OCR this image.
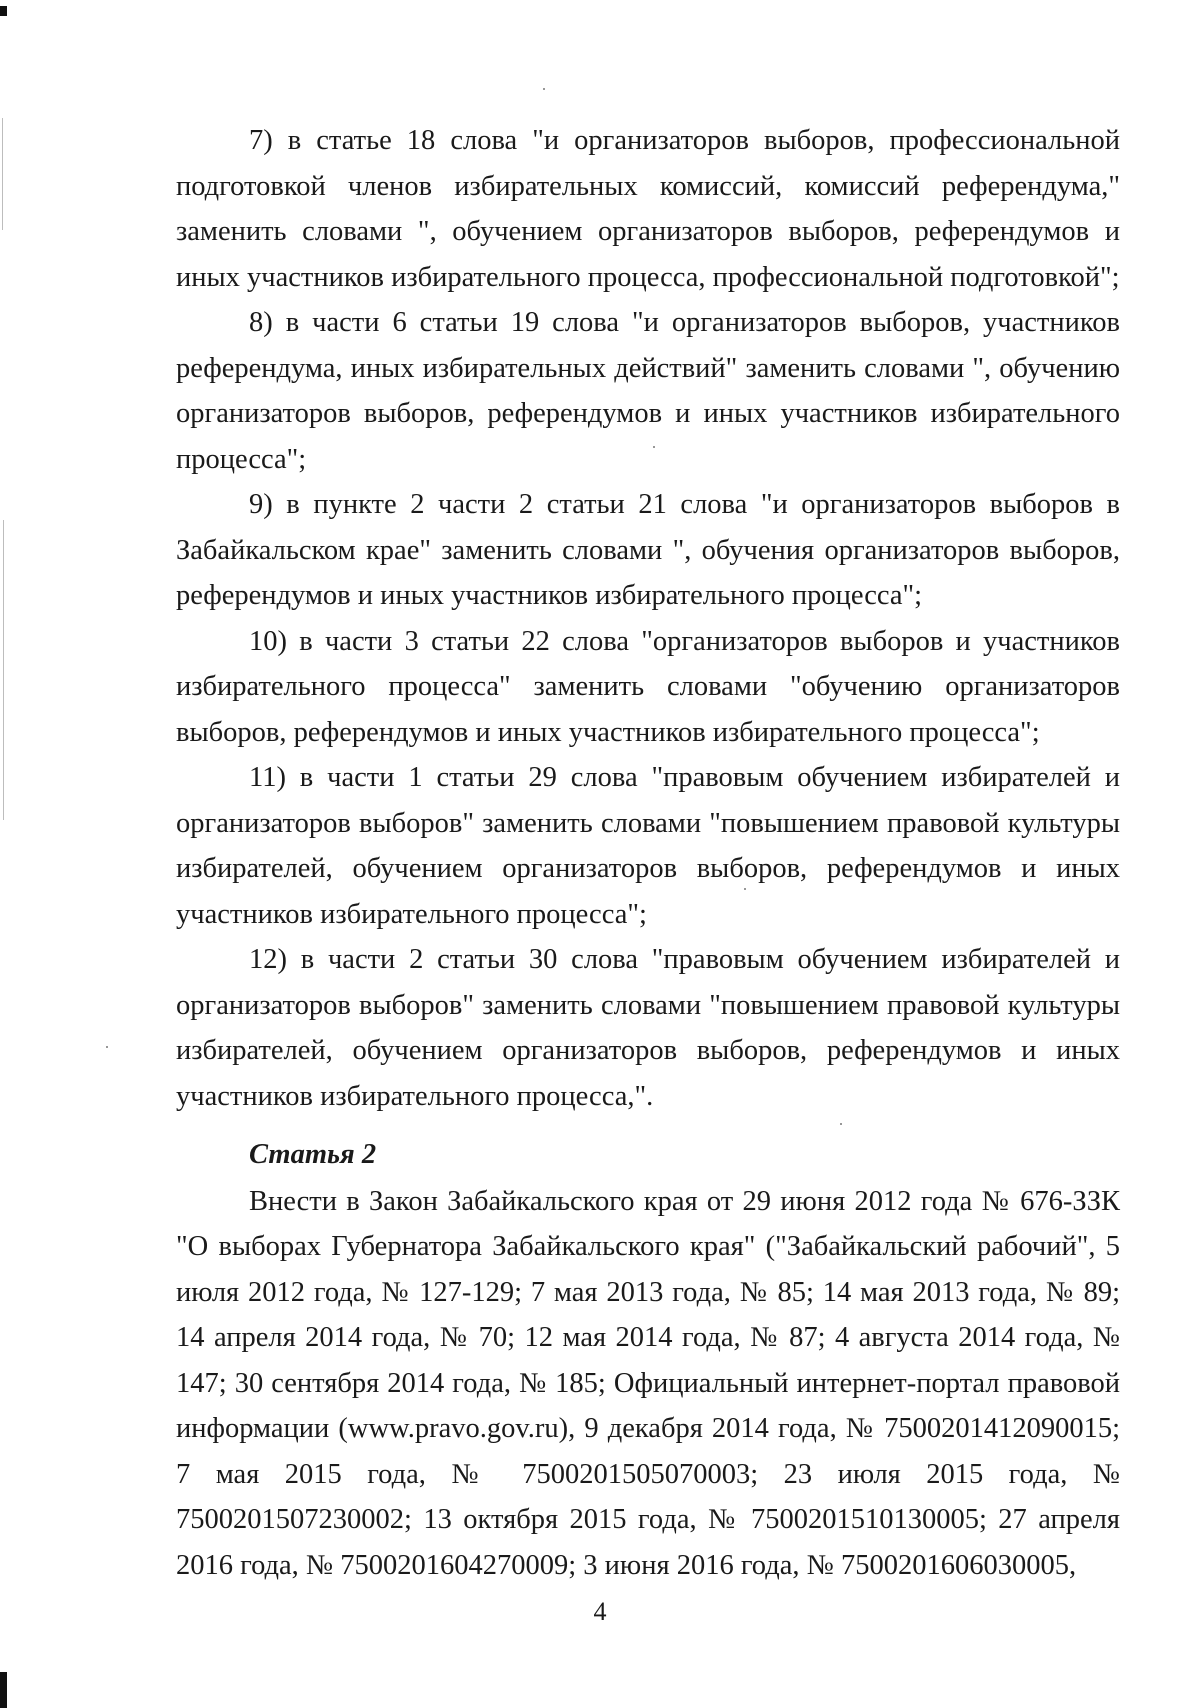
7) в статье 18 слова "и организаторов выборов, профессиональной подготовкой членов избирательных комиссий, комиссий референдума," заменить словами ", обучением организаторов выборов, референдумов и иных участников избирательного процесса, профессиональной подготовкой";

8) в части 6 статьи 19 слова "и организаторов выборов, участников референдума, иных избирательных действий" заменить словами ", обучению организаторов выборов, референдумов и иных участников избирательного процесса";

9) в пункте 2 части 2 статьи 21 слова "и организаторов выборов в Забайкальском крае" заменить словами ", обучения организаторов выборов, референдумов и иных участников избирательного процесса";

10) в части 3 статьи 22 слова "организаторов выборов и участников избирательного процесса" заменить словами "обучению организаторов выборов, референдумов и иных участников избирательного процесса";

11) в части 1 статьи 29 слова "правовым обучением избирателей и организаторов выборов" заменить словами "повышением правовой культуры избирателей, обучением организаторов выборов, референдумов и иных участников избирательного процесса";

12) в части 2 статьи 30 слова "правовым обучением избирателей и организаторов выборов" заменить словами "повышением правовой культуры избирателей, обучением организаторов выборов, референдумов и иных участников избирательного процесса,".

Статья 2

Внести в Закон Забайкальского края от 29 июня 2012 года № 676-ЗЗК "О выборах Губернатора Забайкальского края" ("Забайкальский рабочий", 5 июля 2012 года, № 127-129; 7 мая 2013 года, № 85; 14 мая 2013 года, № 89; 14 апреля 2014 года, № 70; 12 мая 2014 года, № 87; 4 августа 2014 года, № 147; 30 сентября 2014 года, № 185; Официальный интернет-портал правовой информации (www.pravo.gov.ru), 9 декабря 2014 года, № 7500201412090015; 7 мая 2015 года, № 7500201505070003; 23 июля 2015 года, № 7500201507230002; 13 октября 2015 года, № 7500201510130005; 27 апреля 2016 года, № 7500201604270009; 3 июня 2016 года, № 7500201606030005,

4
